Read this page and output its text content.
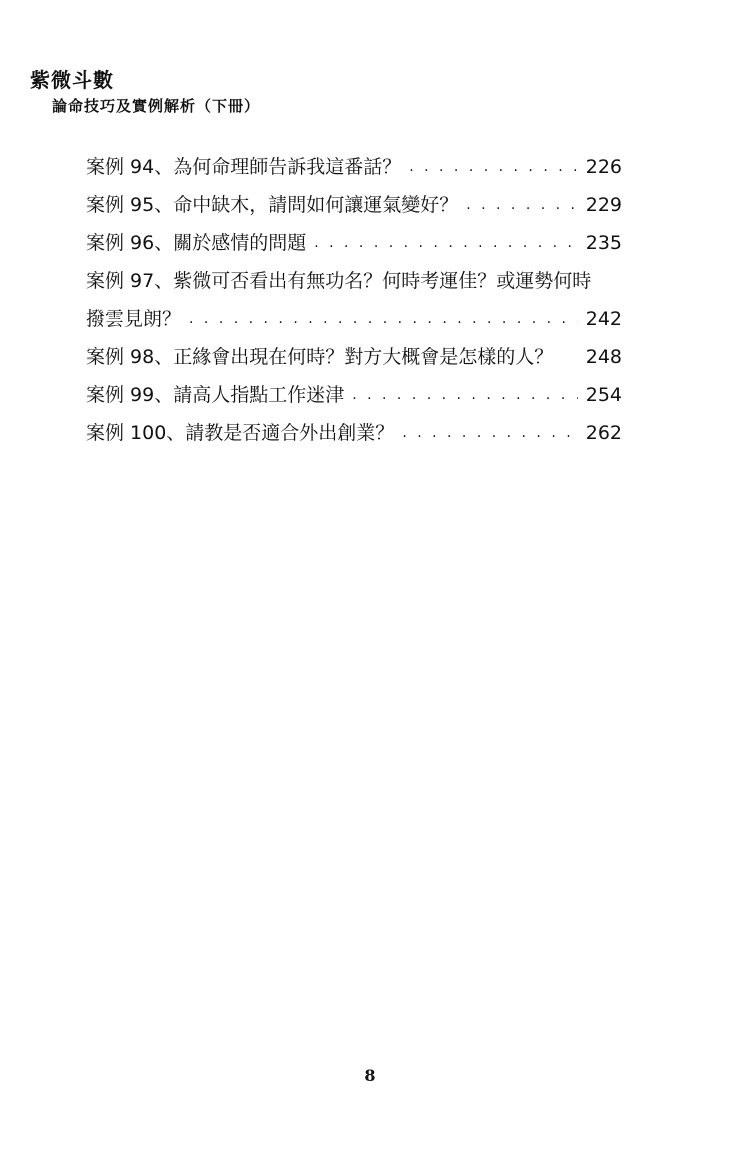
紫微斗數
論命技巧及實例解析（下冊）
案例 94、為何命理師告訴我這番話？ . . .	226
案例 95、命中缺木，請問如何讓運氣變好？ . . .	229
案例 96、關於感情的問題 . . .	235
案例 97、紫微可否看出有無功名？何時考運佳？或運勢何時
撥雲見朗？ . . .	242
案例 98、正緣會出現在何時？對方大概會是怎樣的人？ 248
案例 99、請高人指點工作迷津 . . .	254
案例 100、請教是否適合外出創業？ . . .	262
8
